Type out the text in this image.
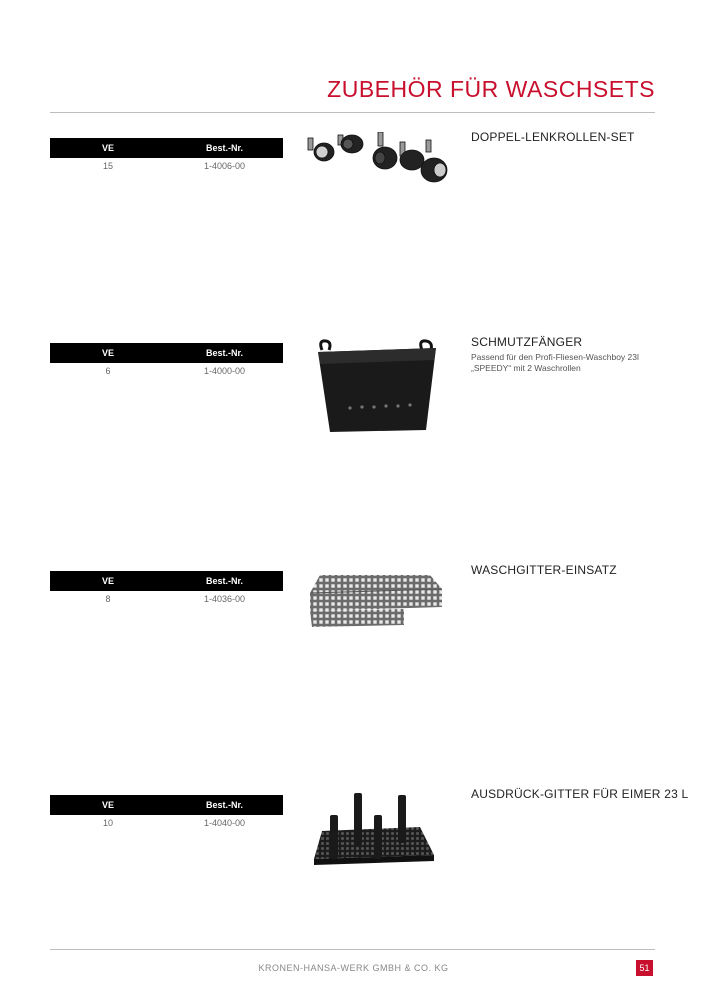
ZUBEHÖR FÜR WASCHSETS
VE	Best.-Nr.
15	1-4006-00
DOPPEL-LENKROLLEN-SET
VE	Best.-Nr.
6	1-4000-00
SCHMUTZFÄNGER
Passend für den Profi-Fliesen-Waschboy 23l
„SPEEDY“ mit 2 Waschrollen
VE	Best.-Nr.
8	1-4036-00
WASCHGITTER-EINSATZ
VE	Best.-Nr.
10	1-4040-00
AUSDRÜCK-GITTER FÜR EIMER 23 L
KRONEN-HANSA-WERK GMBH & CO. KG	51
